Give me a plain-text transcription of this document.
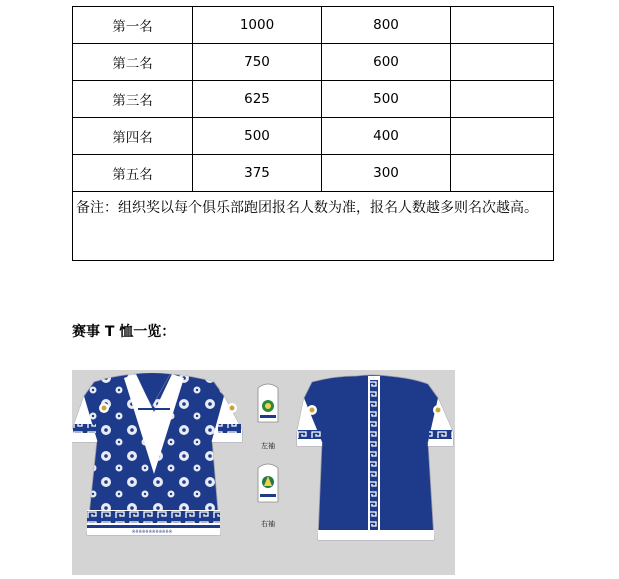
第一名	1000	800	
第二名	750	600	
第三名	625	500	
第四名	500	400	
第五名	375	300	
备注：组织奖以每个俱乐部跑团报名人数为准，报名人数越多则名次越高。			
赛事 T 恤一览：
※※※※※※※※※※※※
左袖
右袖
